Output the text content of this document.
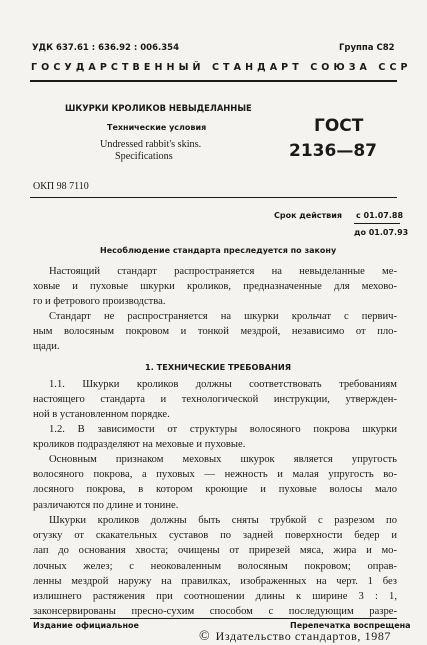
УДК 637.61 : 636.92 : 006.354	Группа С82
ГОСУДАРСТВЕННЫЙ СТАНДАРТ СОЮЗА ССР
ШКУРКИ КРОЛИКОВ НЕВЫДЕЛАННЫЕ
Технические условия
Undressed rabbit's skins.
Specifications
ГОСТ
2136—87
ОКП 98 7110
Срок действия с 01.07.88
до 01.07.93
Несоблюдение стандарта преследуется по закону
Настоящий стандарт распространяется на невыделанные ме-
ховые и пуховые шкурки кроликов, предназначенные для мехово-
го и фетрового производства.
Стандарт не распространяется на шкурки крольчат с первич-
ным волосяным покровом и тонкой мездрой, независимо от пло-
щади.
1. ТЕХНИЧЕСКИЕ ТРЕБОВАНИЯ
1.1. Шкурки кроликов должны соответствовать требованиям
настоящего стандарта и технологической инструкции, утвержден-
ной в установленном порядке.
1.2. В зависимости от структуры волосяного покрова шкурки
кроликов подразделяют на меховые и пуховые.
Основным признаком меховых шкурок является упругость
волосяного покрова, а пуховых — нежность и малая упругость во-
лосяного покрова, в котором кроющие и пуховые волосы мало
различаются по длине и тонине.
Шкурки кроликов должны быть сняты трубкой с разрезом по
огузку от скакательных суставов по задней поверхности бедер и
лап до основания хвоста; очищены от прирезей мяса, жира и мо-
лочных желез; с неоковаленным волосяным покровом; оправ-
ленны мездрой наружу на правилках, изображенных на черт. 1 без
излишнего растяжения при соотношении длины к ширине 3 : 1,
законсервированы пресно-сухим способом с последующим разре-
Издание официальное	Перепечатка воспрещена
© Издательство стандартов, 1987
